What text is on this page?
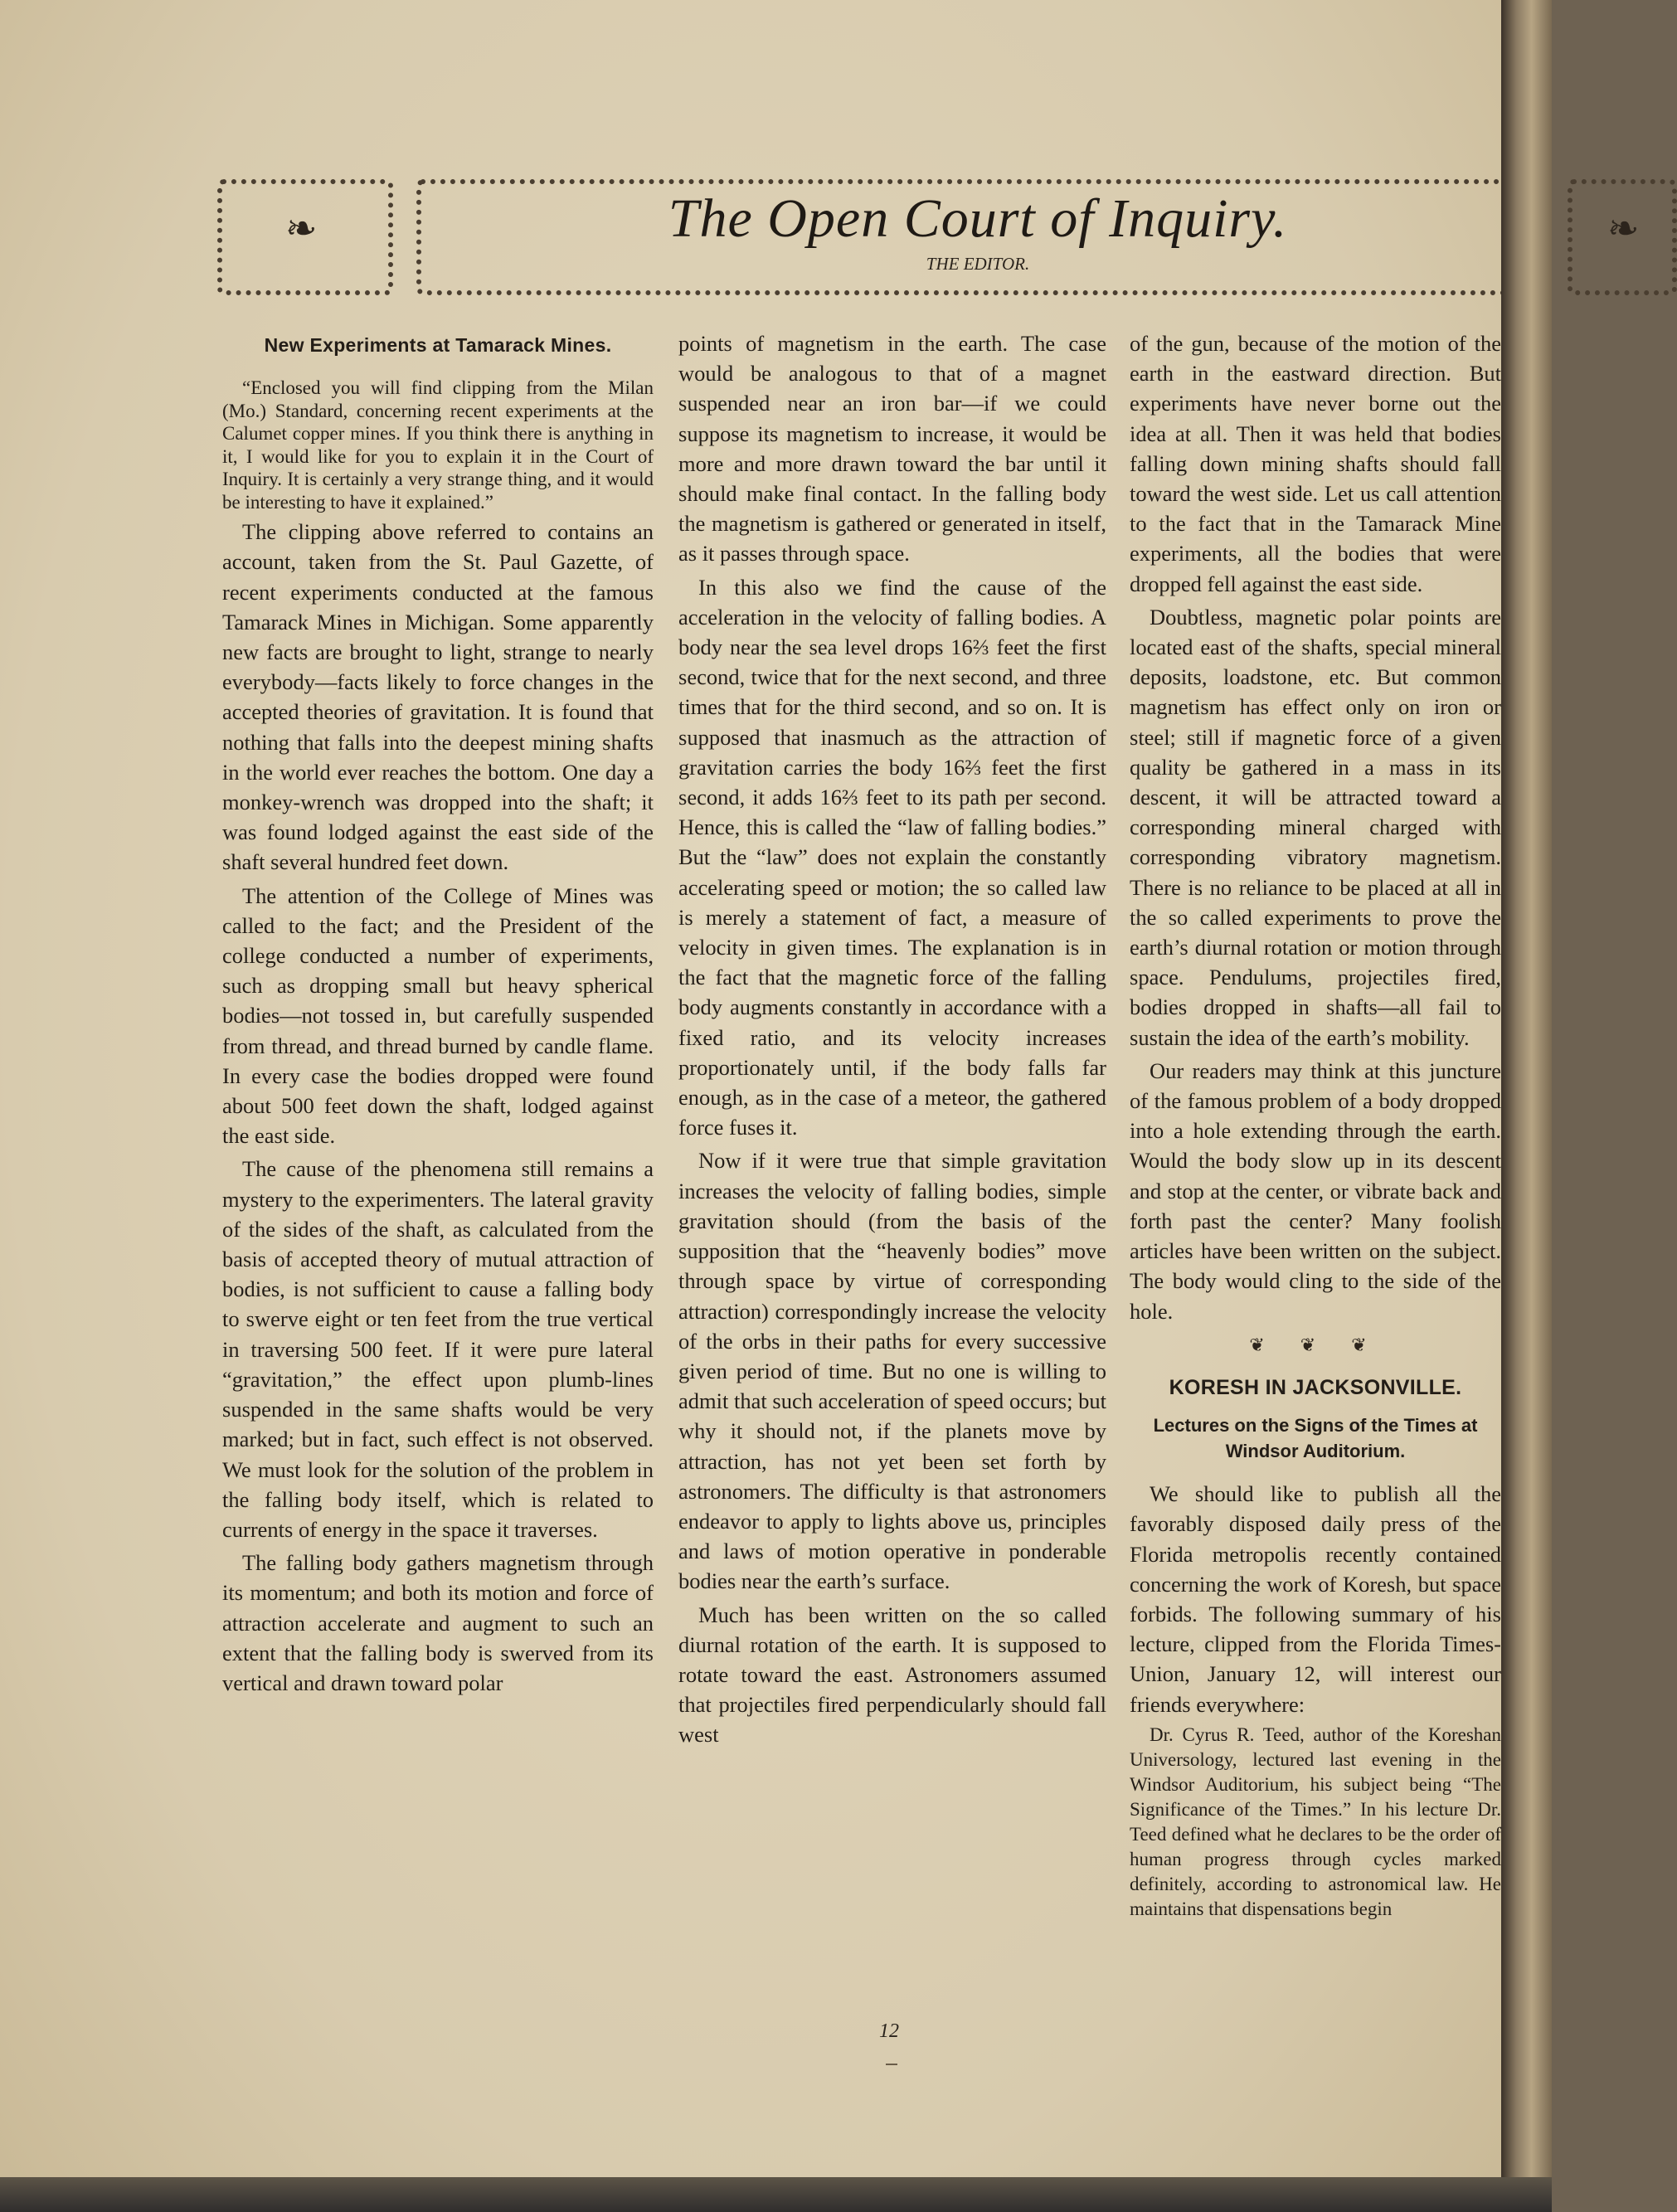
❧	❧
The Open Court of Inquiry.
THE EDITOR.
New Experiments at Tamarack Mines.

“Enclosed you will find clipping from the Milan (Mo.) Standard, concerning recent experiments at the Calumet copper mines. If you think there is anything in it, I would like for you to explain it in the Court of Inquiry. It is certainly a very strange thing, and it would be interesting to have it explained.”

The clipping above referred to contains an account, taken from the St. Paul Gazette, of recent experiments conducted at the famous Tamarack Mines in Michigan. Some apparently new facts are brought to light, strange to nearly everybody—facts likely to force changes in the accepted theories of gravitation. It is found that nothing that falls into the deepest mining shafts in the world ever reaches the bottom. One day a monkey-wrench was dropped into the shaft; it was found lodged against the east side of the shaft several hundred feet down.

The attention of the College of Mines was called to the fact; and the President of the college conducted a number of experiments, such as dropping small but heavy spherical bodies—not tossed in, but carefully suspended from thread, and thread burned by candle flame. In every case the bodies dropped were found about 500 feet down the shaft, lodged against the east side.

The cause of the phenomena still remains a mystery to the experimenters. The lateral gravity of the sides of the shaft, as calculated from the basis of accepted theory of mutual attraction of bodies, is not sufficient to cause a falling body to swerve eight or ten feet from the true vertical in traversing 500 feet. If it were pure lateral “gravitation,” the effect upon plumb-lines suspended in the same shafts would be very marked; but in fact, such effect is not observed. We must look for the solution of the problem in the falling body itself, which is related to currents of energy in the space it traverses.

The falling body gathers magnetism through its momentum; and both its motion and force of attraction accelerate and augment to such an extent that the falling body is swerved from its vertical and drawn toward polar

points of magnetism in the earth. The case would be analogous to that of a magnet suspended near an iron bar—if we could suppose its magnetism to increase, it would be more and more drawn toward the bar until it should make final contact. In the falling body the magnetism is gathered or generated in itself, as it passes through space.

In this also we find the cause of the acceleration in the velocity of falling bodies. A body near the sea level drops 16⅔ feet the first second, twice that for the next second, and three times that for the third second, and so on. It is supposed that inasmuch as the attraction of gravitation carries the body 16⅔ feet the first second, it adds 16⅔ feet to its path per second. Hence, this is called the “law of falling bodies.” But the “law” does not explain the constantly accelerating speed or motion; the so called law is merely a statement of fact, a measure of velocity in given times. The explanation is in the fact that the magnetic force of the falling body augments constantly in accordance with a fixed ratio, and its velocity increases proportionately until, if the body falls far enough, as in the case of a meteor, the gathered force fuses it.

Now if it were true that simple gravitation increases the velocity of falling bodies, simple gravitation should (from the basis of the supposition that the “heavenly bodies” move through space by virtue of corresponding attraction) correspondingly increase the velocity of the orbs in their paths for every successive given period of time. But no one is willing to admit that such acceleration of speed occurs; but why it should not, if the planets move by attraction, has not yet been set forth by astronomers. The difficulty is that astronomers endeavor to apply to lights above us, principles and laws of motion operative in ponderable bodies near the earth’s surface.

Much has been written on the so called diurnal rotation of the earth. It is supposed to rotate toward the east. Astronomers assumed that projectiles fired perpendicularly should fall west

of the gun, because of the motion of the earth in the eastward direction. But experiments have never borne out the idea at all. Then it was held that bodies falling down mining shafts should fall toward the west side. Let us call attention to the fact that in the Tamarack Mine experiments, all the bodies that were dropped fell against the east side.

Doubtless, magnetic polar points are located east of the shafts, special mineral deposits, loadstone, etc. But common magnetism has effect only on iron or steel; still if magnetic force of a given quality be gathered in a mass in its descent, it will be attracted toward a corresponding mineral charged with corresponding vibratory magnetism. There is no reliance to be placed at all in the so called experiments to prove the earth’s diurnal rotation or motion through space. Pendulums, projectiles fired, bodies dropped in shafts—all fail to sustain the idea of the earth’s mobility.

Our readers may think at this juncture of the famous problem of a body dropped into a hole extending through the earth. Would the body slow up in its descent and stop at the center, or vibrate back and forth past the center? Many foolish articles have been written on the subject. The body would cling to the side of the hole.

❦ ❦ ❦
KORESH IN JACKSONVILLE.
Lectures on the Signs of the Times at Windsor Auditorium.

We should like to publish all the favorably disposed daily press of the Florida metropolis recently contained concerning the work of Koresh, but space forbids. The following summary of his lecture, clipped from the Florida Times-Union, January 12, will interest our friends everywhere:

Dr. Cyrus R. Teed, author of the Koreshan Universology, lectured last evening in the Windsor Auditorium, his subject being “The Significance of the Times.” In his lecture Dr. Teed defined what he declares to be the order of human progress through cycles marked definitely, according to astronomical law. He maintains that dispensations begin

12
